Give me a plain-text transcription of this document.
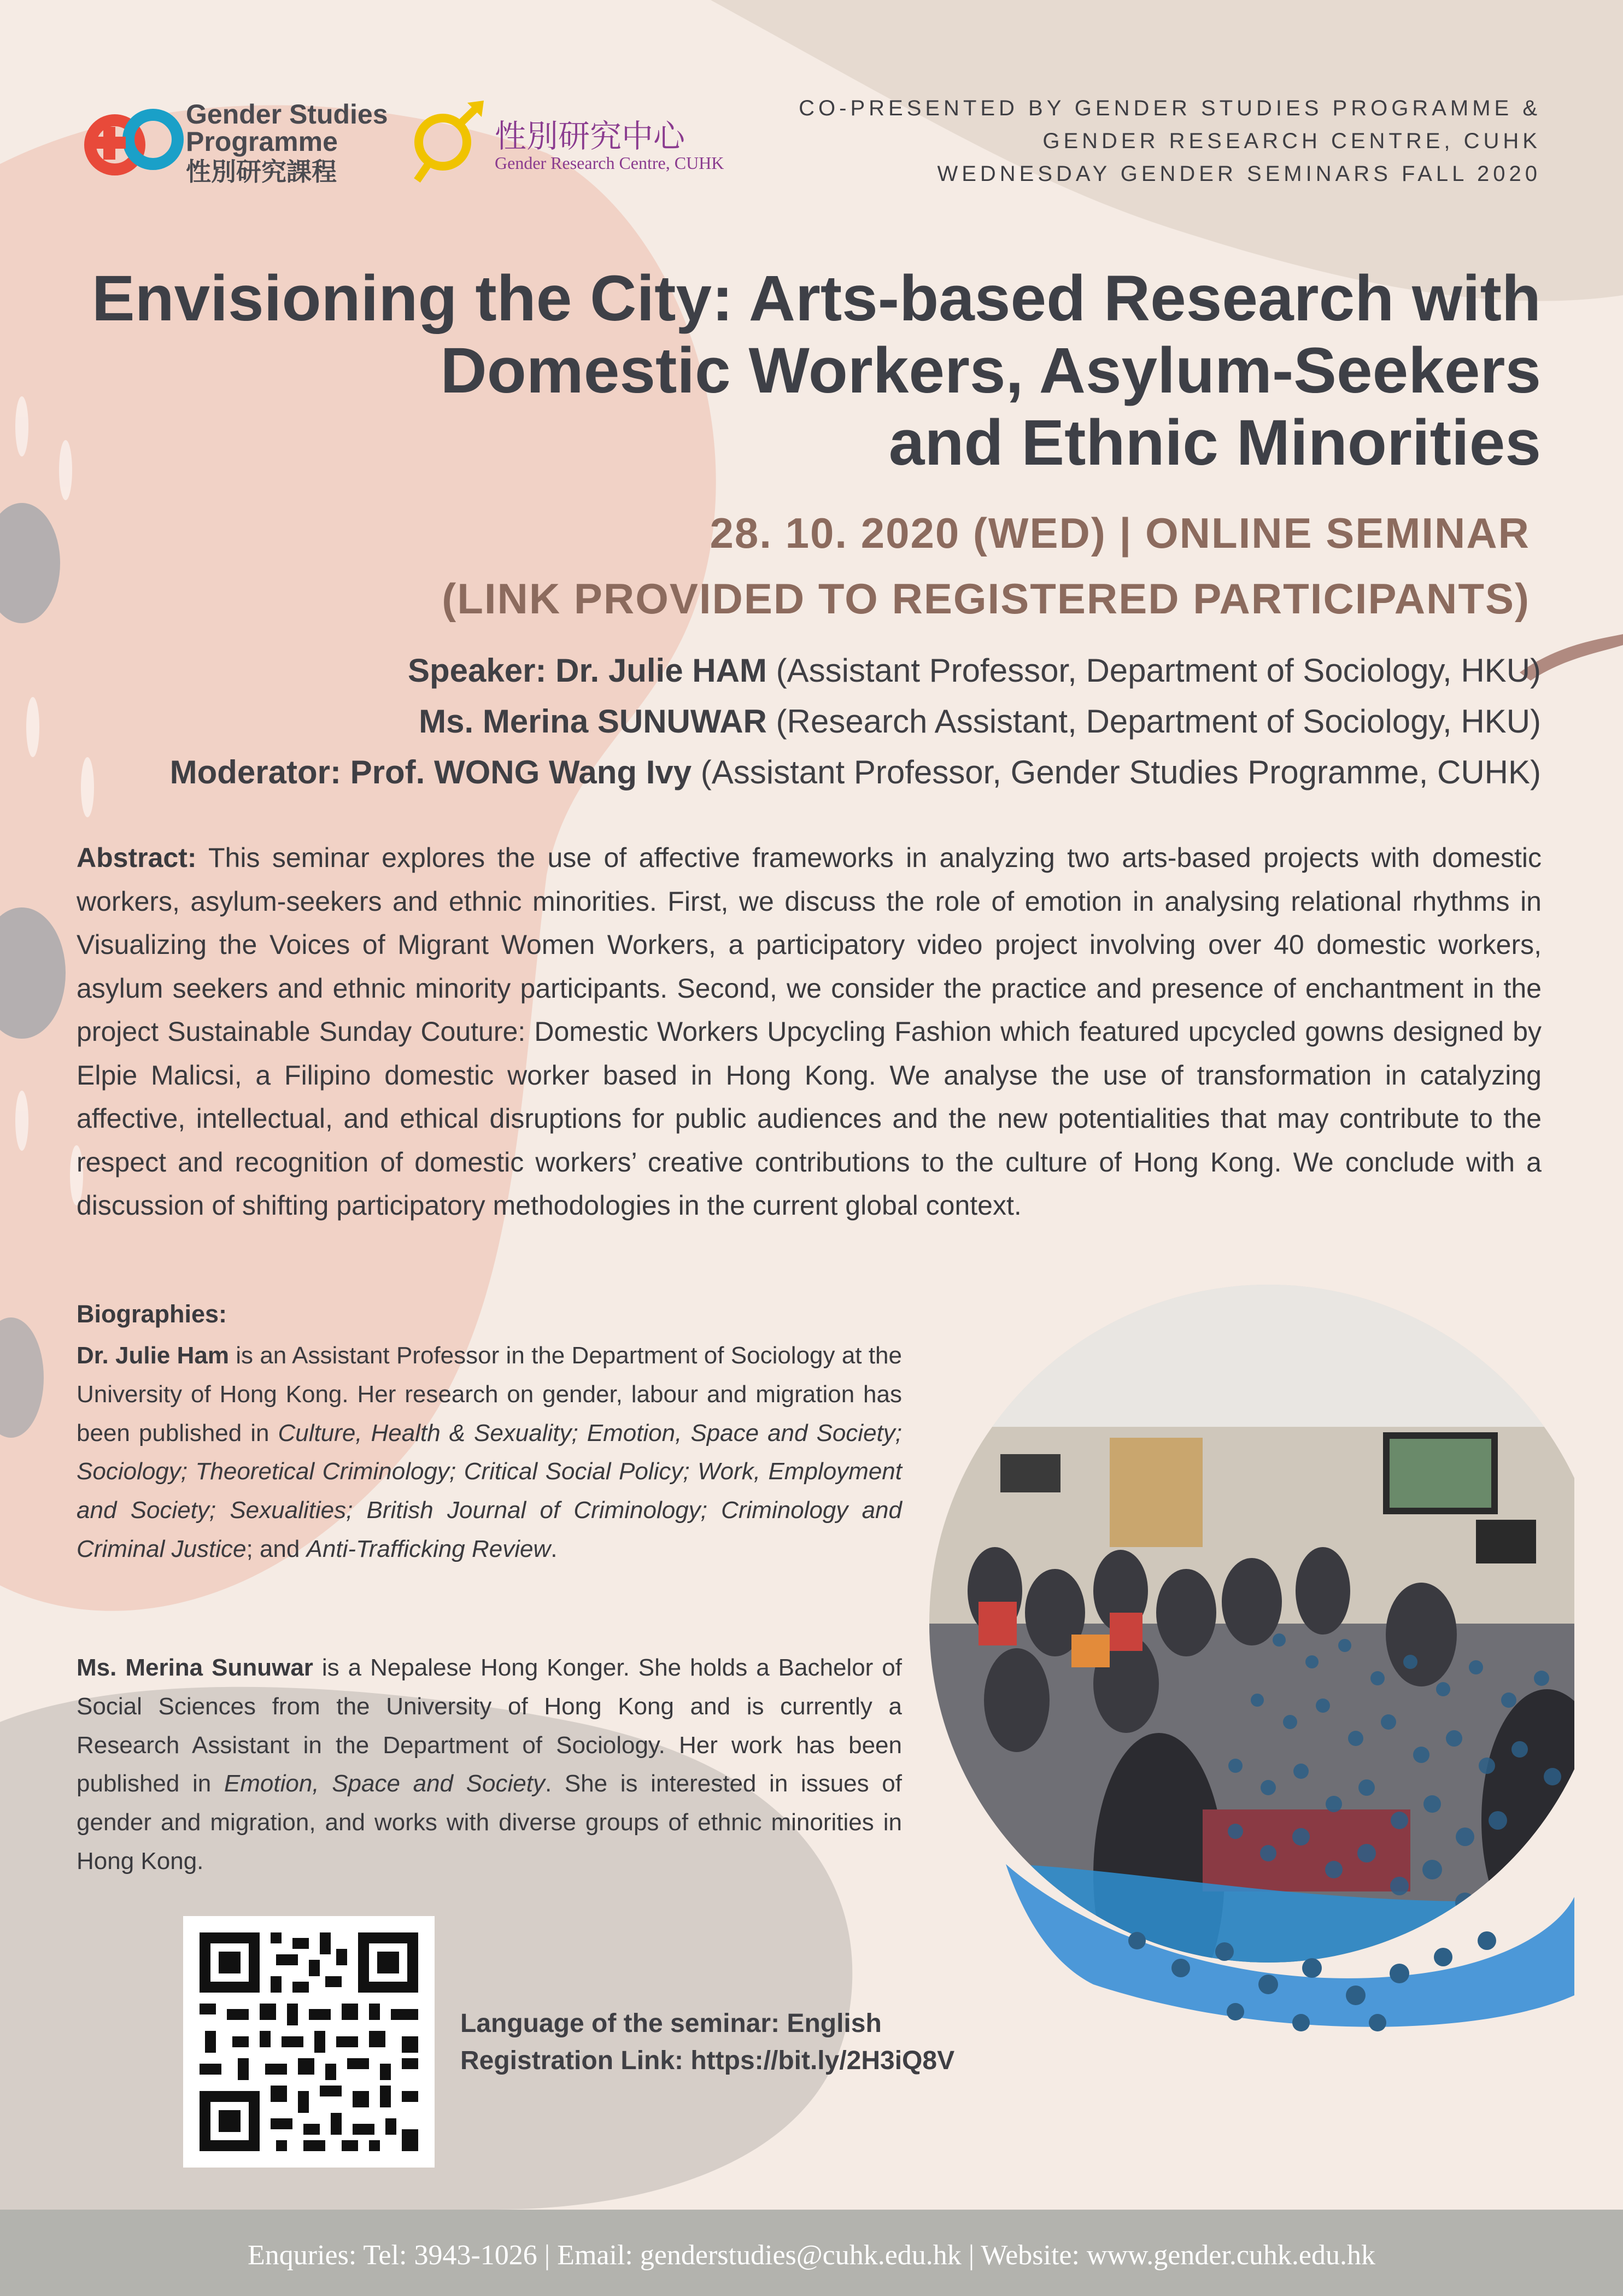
Gender Studies
Programme
性別研究課程
性別研究中心
Gender Research Centre, CUHK
CO-PRESENTED BY GENDER STUDIES PROGRAMME &
GENDER RESEARCH CENTRE, CUHK
WEDNESDAY GENDER SEMINARS FALL 2020
Envisioning the City: Arts-based Research with
Domestic Workers, Asylum-Seekers
and Ethnic Minorities
28. 10. 2020 (WED) | ONLINE SEMINAR
(LINK PROVIDED TO REGISTERED PARTICIPANTS)
Speaker: Dr. Julie HAM (Assistant Professor, Department of Sociology, HKU)
Ms. Merina SUNUWAR (Research Assistant, Department of Sociology, HKU)
Moderator: Prof. WONG Wang Ivy (Assistant Professor, Gender Studies Programme, CUHK)
Abstract: This seminar explores the use of affective frameworks in analyzing two arts-based projects with domestic workers, asylum-seekers and ethnic minorities. First, we discuss the role of emotion in analysing relational rhythms in Visualizing the Voices of Migrant Women Workers, a participatory video project involving over 40 domestic workers, asylum seekers and ethnic minority participants. Second, we consider the practice and presence of enchantment in the project Sustainable Sunday Couture: Domestic Workers Upcycling Fashion which featured upcycled gowns designed by Elpie Malicsi, a Filipino domestic worker based in Hong Kong. We analyse the use of transformation in catalyzing affective, intellectual, and ethical disruptions for public audiences and the new potentialities that may contribute to the respect and recognition of domestic workers’ creative contributions to the culture of Hong Kong. We conclude with a discussion of shifting participatory methodologies in the current global context.
Biographies:
Dr. Julie Ham is an Assistant Professor in the Department of Sociology at the University of Hong Kong. Her research on gender, labour and migration has been published in Culture, Health & Sexuality; Emotion, Space and Society; Sociology; Theoretical Criminology; Critical Social Policy; Work, Employment and Society; Sexualities; British Journal of Criminology; Criminology and Criminal Justice; and Anti-Trafficking Review.
Ms. Merina Sunuwar is a Nepalese Hong Konger. She holds a Bachelor of Social Sciences from the University of Hong Kong and is currently a Research Assistant in the Department of Sociology. Her work has been published in Emotion, Space and Society. She is interested in issues of gender and migration, and works with diverse groups of ethnic minorities in Hong Kong.
Language of the seminar: English
Registration Link: https://bit.ly/2H3iQ8V
Enquries: Tel: 3943-1026 | Email: genderstudies@cuhk.edu.hk | Website: www.gender.cuhk.edu.hk
